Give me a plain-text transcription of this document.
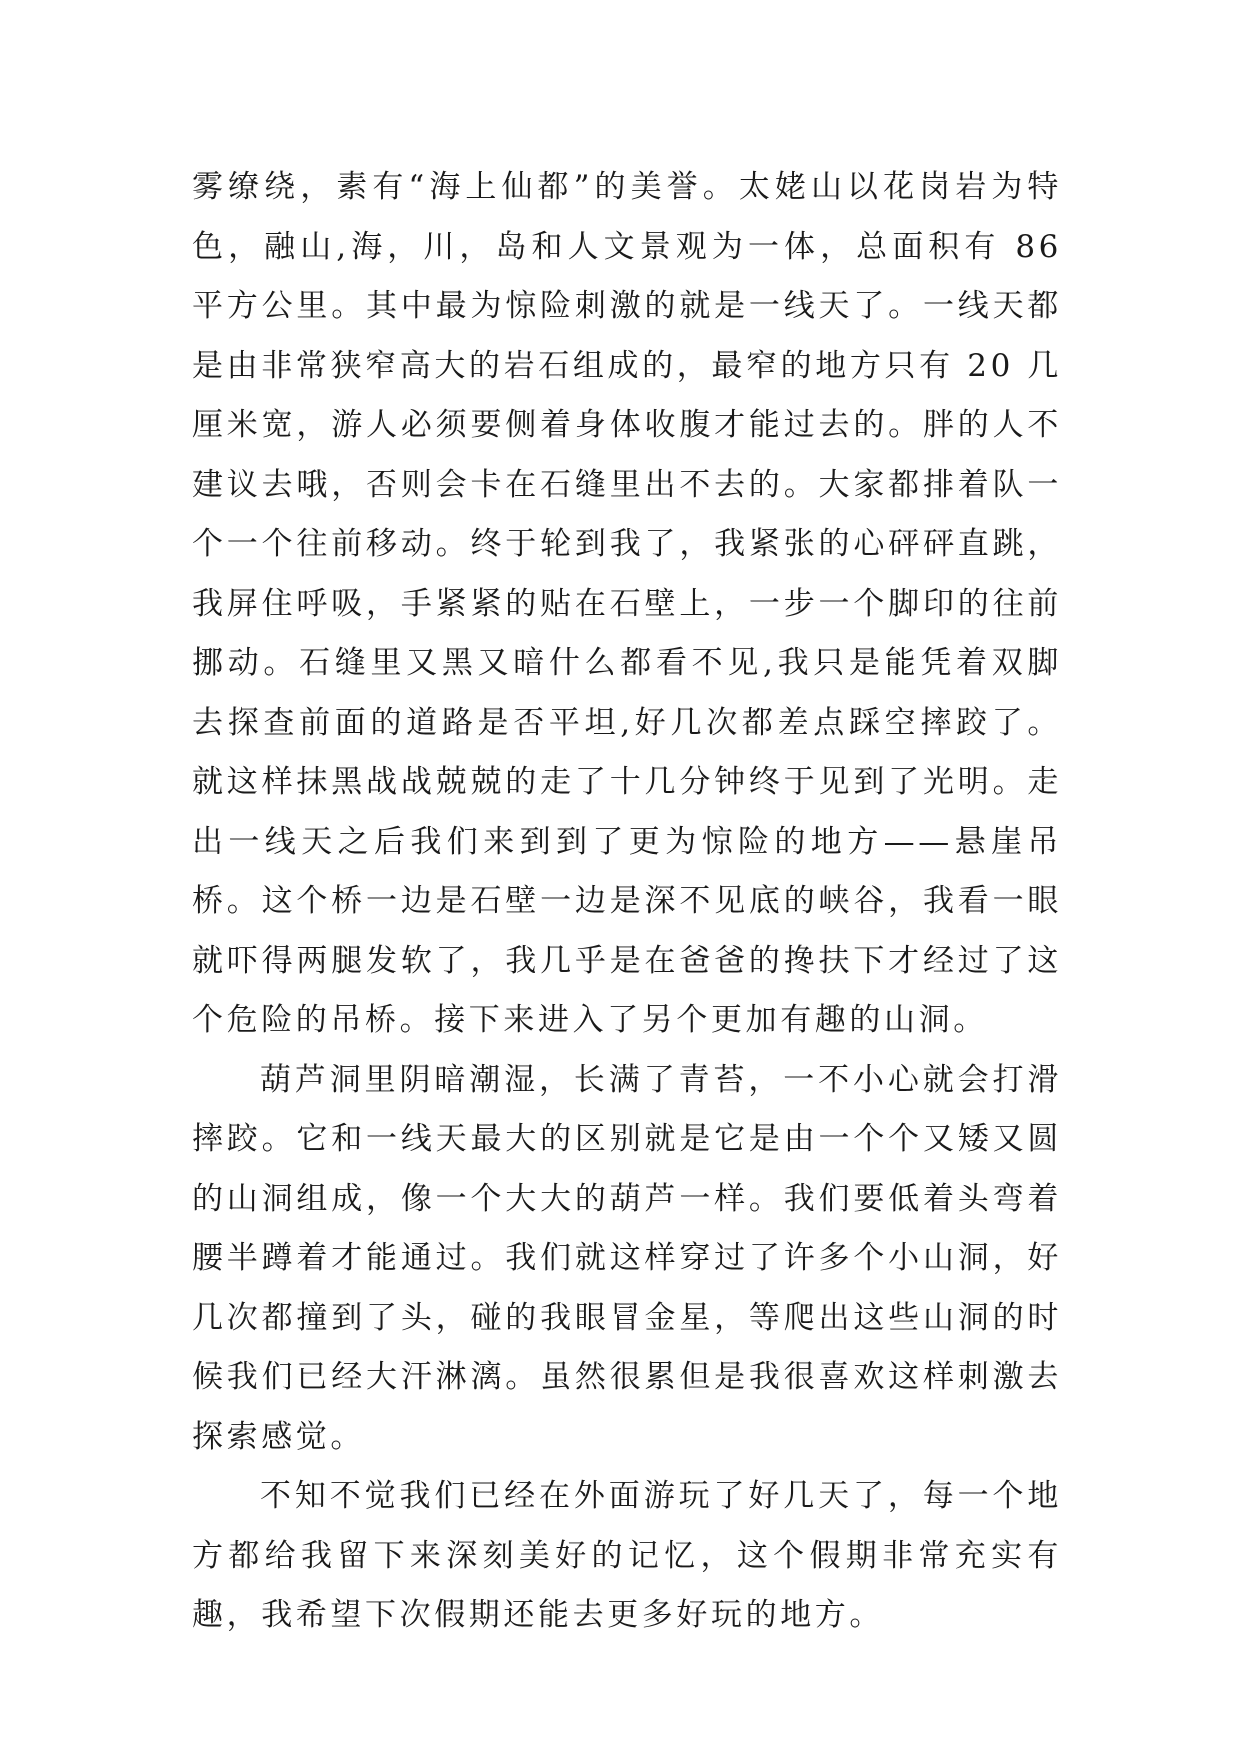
雾缭绕，素有“海上仙都”的美誉。太姥山以花岗岩为特色，融山,海，川，岛和人文景观为一体，总面积有 86 平方公里。其中最为惊险刺激的就是一线天了。一线天都是由非常狭窄高大的岩石组成的，最窄的地方只有 20 几厘米宽，游人必须要侧着身体收腹才能过去的。胖的人不建议去哦，否则会卡在石缝里出不去的。大家都排着队一个一个往前移动。终于轮到我了，我紧张的心砰砰直跳，我屏住呼吸，手紧紧的贴在石壁上，一步一个脚印的往前挪动。石缝里又黑又暗什么都看不见,我只是能凭着双脚去探查前面的道路是否平坦,好几次都差点踩空摔跤了。就这样抹黑战战兢兢的走了十几分钟终于见到了光明。走出一线天之后我们来到到了更为惊险的地方——悬崖吊桥。这个桥一边是石壁一边是深不见底的峡谷，我看一眼就吓得两腿发软了，我几乎是在爸爸的搀扶下才经过了这个危险的吊桥。接下来进入了另个更加有趣的山洞。

葫芦洞里阴暗潮湿，长满了青苔，一不小心就会打滑摔跤。它和一线天最大的区别就是它是由一个个又矮又圆的山洞组成，像一个大大的葫芦一样。我们要低着头弯着腰半蹲着才能通过。我们就这样穿过了许多个小山洞，好几次都撞到了头，碰的我眼冒金星，等爬出这些山洞的时候我们已经大汗淋漓。虽然很累但是我很喜欢这样刺激去探索感觉。

不知不觉我们已经在外面游玩了好几天了，每一个地方都给我留下来深刻美好的记忆，这个假期非常充实有趣，我希望下次假期还能去更多好玩的地方。
